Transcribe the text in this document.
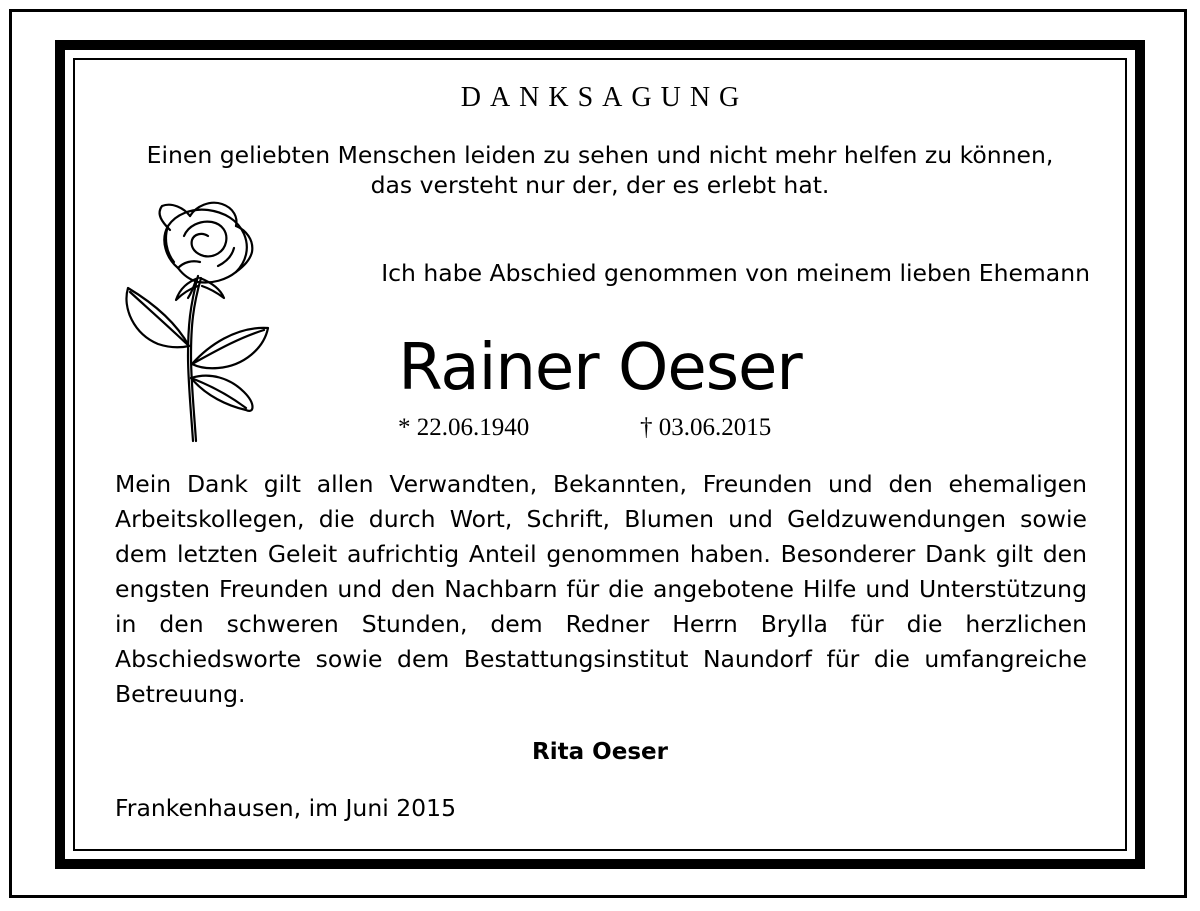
DANKSAGUNG

Einen geliebten Menschen leiden zu sehen und nicht mehr helfen zu können,
das versteht nur der, der es erlebt hat.

Ich habe Abschied genommen von meinem lieben Ehemann
Rainer Oeser
* 22.06.1940	† 03.06.2015

Mein Dank gilt allen Verwandten, Bekannten, Freunden und den ehemaligen Arbeitskollegen, die durch Wort, Schrift, Blumen und Geldzuwendungen sowie dem letzten Geleit aufrichtig Anteil genommen haben. Besonderer Dank gilt den engsten Freunden und den Nachbarn für die angebotene Hilfe und Unterstützung in den schweren Stunden, dem Redner Herrn Brylla für die herzlichen Abschiedsworte sowie dem Bestattungsinstitut Naundorf für die umfangreiche Betreuung.

Rita Oeser
Frankenhausen, im Juni 2015
